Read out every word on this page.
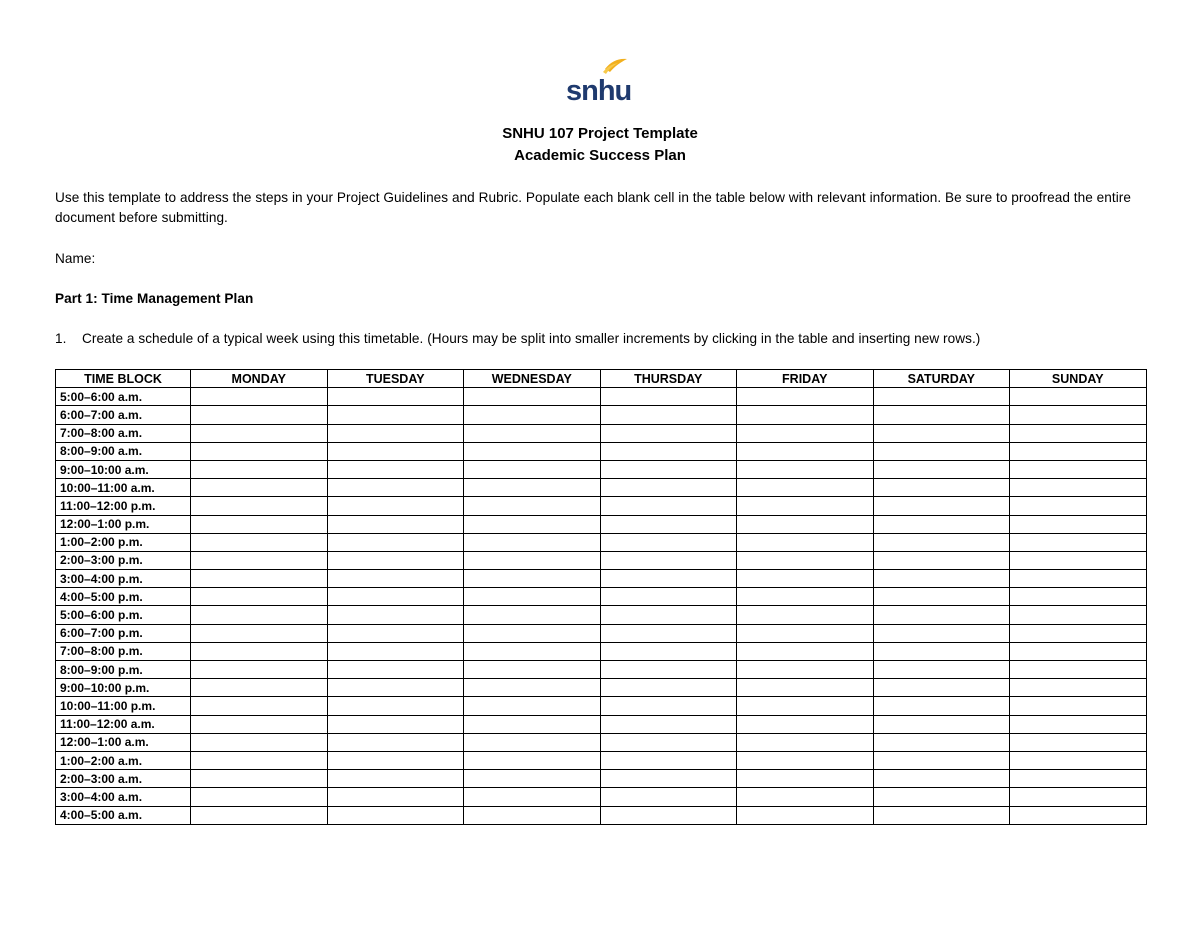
snhu
SNHU 107 Project Template
Academic Success Plan
Use this template to address the steps in your Project Guidelines and Rubric. Populate each blank cell in the table below with relevant information. Be sure to proofread the entire document before submitting.
Name:
Part 1: Time Management Plan
1. Create a schedule of a typical week using this timetable. (Hours may be split into smaller increments by clicking in the table and inserting new rows.)
TIME BLOCK	MONDAY	TUESDAY	WEDNESDAY	THURSDAY	FRIDAY	SATURDAY	SUNDAY
5:00–6:00 a.m.							
6:00–7:00 a.m.							
7:00–8:00 a.m.							
8:00–9:00 a.m.							
9:00–10:00 a.m.							
10:00–11:00 a.m.							
11:00–12:00 p.m.							
12:00–1:00 p.m.							
1:00–2:00 p.m.							
2:00–3:00 p.m.							
3:00–4:00 p.m.							
4:00–5:00 p.m.							
5:00–6:00 p.m.							
6:00–7:00 p.m.							
7:00–8:00 p.m.							
8:00–9:00 p.m.							
9:00–10:00 p.m.							
10:00–11:00 p.m.							
11:00–12:00 a.m.							
12:00–1:00 a.m.							
1:00–2:00 a.m.							
2:00–3:00 a.m.							
3:00–4:00 a.m.							
4:00–5:00 a.m.							
